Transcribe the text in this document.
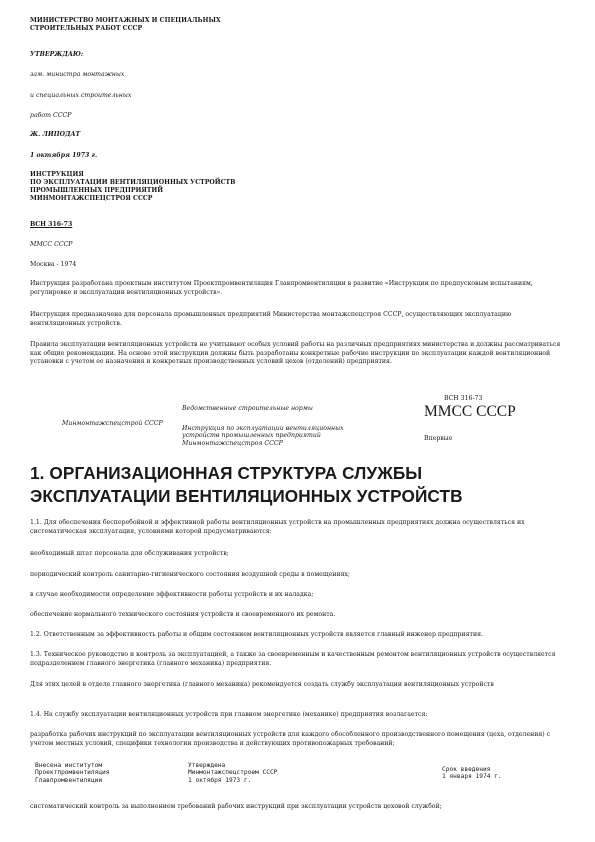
МИНИСТЕРСТВО МОНТАЖНЫХ И СПЕЦИАЛЬНЫХ
СТРОИТЕЛЬНЫХ РАБОТ СССР
УТВЕРЖДАЮ:
зам. министра монтажных
и специальных строительных
работ СССР
Ж. ЛИПОДАТ
1 октября 1973 г.
ИНСТРУКЦИЯ
ПО ЭКСПЛУАТАЦИИ ВЕНТИЛЯЦИОННЫХ УСТРОЙСТВ
ПРОМЫШЛЕННЫХ ПРЕДПРИЯТИЙ
МИНМОНТАЖСПЕЦСТРОЯ СССР
ВСН 316-73
ММСС СССР
Москва - 1974
Инструкция разработана проектным институтом Проектпромвентиляция Главпромвентиляции в развитие «Инструкции по предпусковым испытаниям, регулировке и эксплуатации вентиляционных устройств».
Инструкция предназначена для персонала промышленных предприятий Министерства монтажспецстроя СССР, осуществляющих эксплуатацию вентиляционных устройств.
Правила эксплуатации вентиляционных устройств не учитывают особых условий работы на различных предприятиях министерства и должны рассматриваться как общие рекомендации. На основе этой инструкции должны быть разработаны конкретные рабочие инструкции по эксплуатации каждой вентиляционной установки с учетом ее назначения и конкретных производственных условий цехов (отделений) предприятия.
ВСН 316-73
ММСС СССР
Ведомственные строительные нормы
Минмонтажспецстрой СССР
Инструкция по эксплуатации вентиляционных
устройств промышленных предприятий
Минмонтажспецстроя СССР
Впервые
1. ОРГАНИЗАЦИОННАЯ СТРУКТУРА СЛУЖБЫ
ЭКСПЛУАТАЦИИ ВЕНТИЛЯЦИОННЫХ УСТРОЙСТВ
1.1. Для обеспечения бесперебойной и эффективной работы вентиляционных устройств на промышленных предприятиях должна осуществляться их систематическая эксплуатация, условиями которой предусматриваются:
необходимый штат персонала для обслуживания устройств;
периодический контроль санитарно-гигиенического состояния воздушной среды в помещениях;
в случае необходимости определение эффективности работы устройств и их наладка;
обеспечение нормального технического состояния устройств и своевременного их ремонта.
1.2. Ответственным за эффективность работы и общим состоянием вентиляционных устройств является главный инженер предприятия.
1.3. Техническое руководство и контроль за эксплуатацией, а также за своевременным и качественным ремонтом вентиляционных устройств осуществляется подразделением главного энергетика (главного механика) предприятия.
Для этих целей в отделе главного энергетика (главного механика) рекомендуется создать службу эксплуатации вентиляционных устройств
1.4. На службу эксплуатации вентиляционных устройств при главном энергетике (механике) предприятия возлагается:
разработка рабочих инструкций по эксплуатации вентиляционных устройств для каждого обособленного производственного помещения (цеха, отделения) с учетом местных условий, специфики технологии производства и действующих противопожарных требований;
Внесена институтом
Проектпромвентиляция
Главпромвентиляции
Утверждена
Минмонтажспецстроем СССР
1 октября 1973 г.
Срок введения
1 января 1974 г.
систематический контроль за выполнением требований рабочих инструкций при эксплуатации устройств цеховой службой;
